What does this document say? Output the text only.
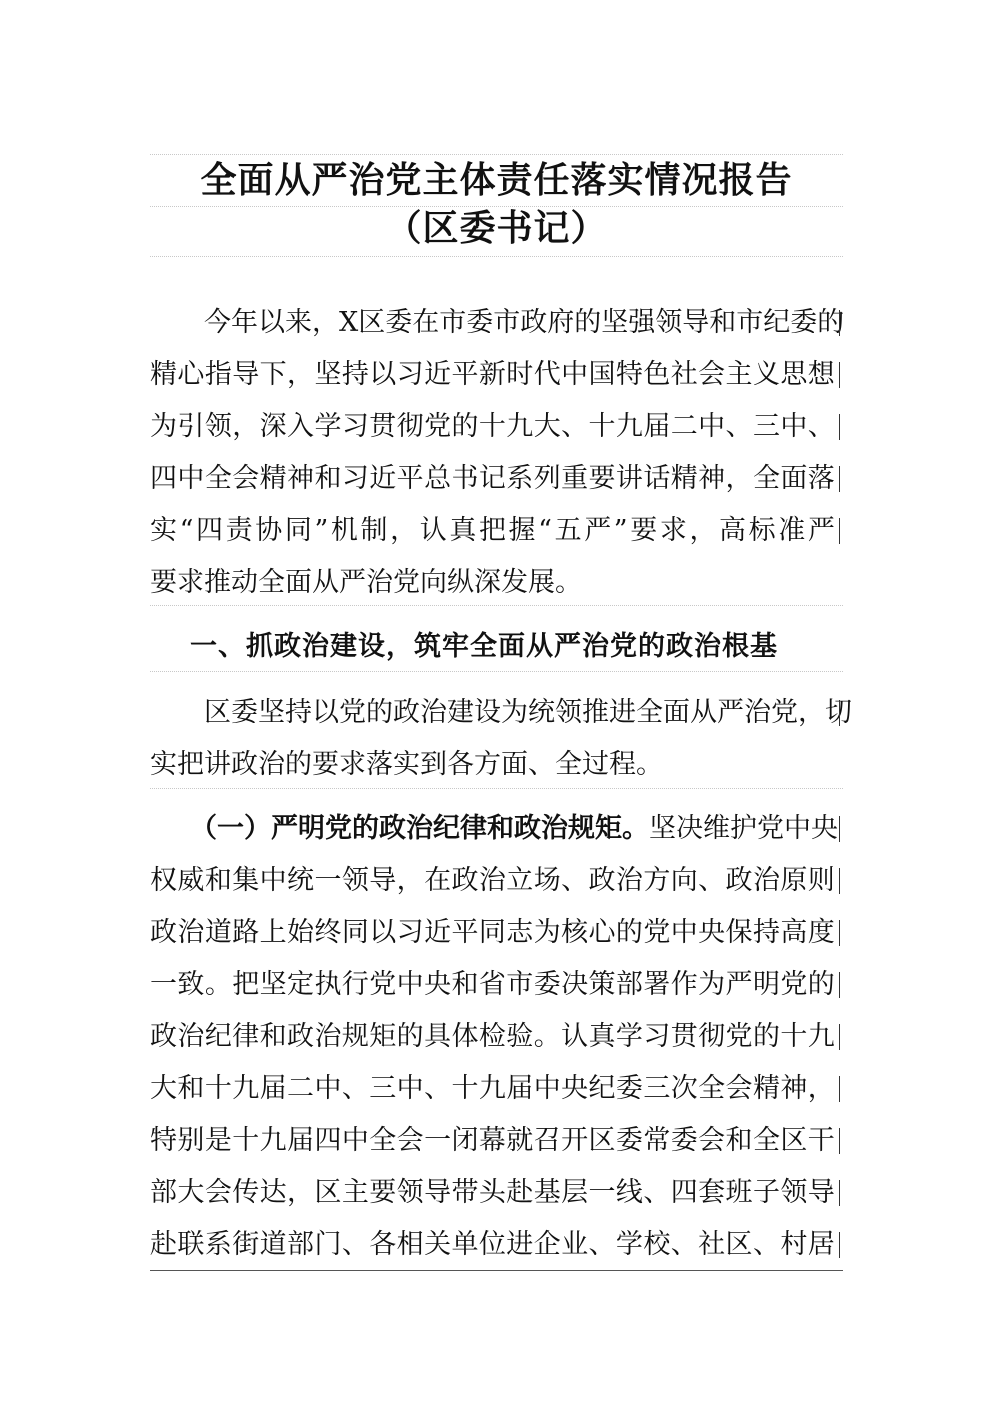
全面从严治党主体责任落实情况报告
（区委书记）
今 年 以 来 ， X 区 委 在 市 委 市 政 府 的 坚 强 领 导 和 市 纪 委 的
精 心 指 导 下 ， 坚 持 以 习 近 平 新 时 代 中 国 特 色 社 会 主 义 思 想
为 引 领 ， 深 入 学 习 贯 彻 党 的 十 九 大 、 十 九 届 二 中 、 三 中 、
四 中 全 会 精 神 和 习 近 平 总 书 记 系 列 重 要 讲 话 精 神 ， 全 面 落
实 “ 四 责 协 同 ” 机 制 ， 认 真 把 握 “ 五 严 ” 要 求 ， 高 标 准 严
要求推动全面从严治党向纵深发展。
一、抓政治建设，筑牢全面从严治党的政治根基
区 委 坚 持 以 党 的 政 治 建 设 为 统 领 推 进 全 面 从 严 治 党 ， 切
实把讲政治的要求落实到各方面、全过程。
（ 一 ） 严 明 党 的 政 治 纪 律 和 政 治 规 矩 。 坚 决 维 护 党 中 央
权 威 和 集 中 统 一 领 导 ， 在 政 治 立 场 、 政 治 方 向 、 政 治 原 则
政 治 道 路 上 始 终 同 以 习 近 平 同 志 为 核 心 的 党 中 央 保 持 高 度
一 致 。 把 坚 定 执 行 党 中 央 和 省 市 委 决 策 部 署 作 为 严 明 党 的
政 治 纪 律 和 政 治 规 矩 的 具 体 检 验 。 认 真 学 习 贯 彻 党 的 十 九
大 和 十 九 届 二 中 、 三 中 、 十 九 届 中 央 纪 委 三 次 全 会 精 神 ，
特 别 是 十 九 届 四 中 全 会 一 闭 幕 就 召 开 区 委 常 委 会 和 全 区 干
部 大 会 传 达 ， 区 主 要 领 导 带 头 赴 基 层 一 线 、 四 套 班 子 领 导
赴 联 系 街 道 部 门 、 各 相 关 单 位 进 企 业 、 学 校 、 社 区 、 村 居
